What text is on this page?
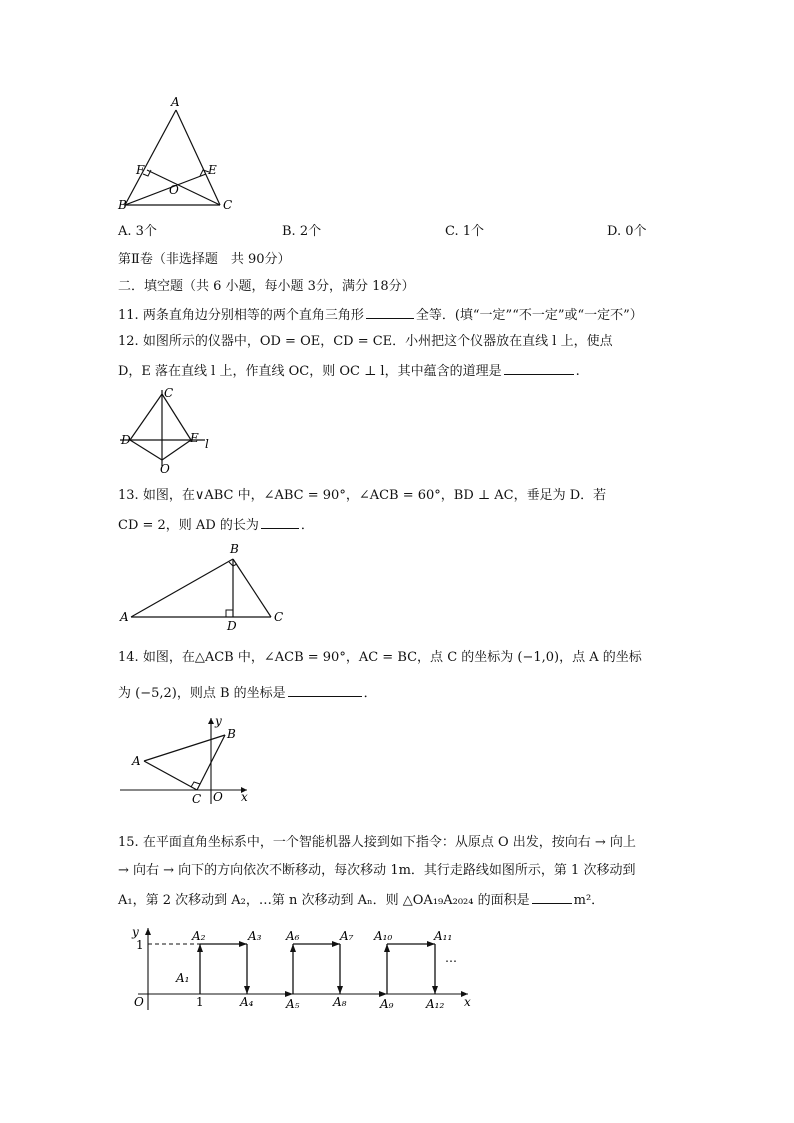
A
B	C
E
F
O
A. 3个	B. 2个	C. 1个	D. 0个
第Ⅱ卷（非选择题　共 90分）
二．填空题（共 6 小题，每小题 3分，满分 18分）
11. 两条直角边分别相等的两个直角三角形	全等．(填“一定”“不一定”或“一定不”）
12. 如图所示的仪器中，OD = OE，CD = CE．小州把这个仪器放在直线 l 上，使点
D，E 落在直线 l 上，作直线 OC，则 OC ⊥ l，其中蕴含的道理是	.
C
D	E l
O
13. 如图，在∨ABC 中，∠ABC = 90°，∠ACB = 60°，BD ⊥ AC，垂足为 D．若
CD = 2，则 AD 的长为	．
A
B
C
D
14. 如图，在△ACB 中，∠ACB = 90°，AC = BC，点 C 的坐标为 (−1,0)，点 A 的坐标
为 (−5,2)，则点 B 的坐标是	．
A
B
C O x
y
15. 在平面直角坐标系中，一个智能机器人接到如下指令：从原点 O 出发，按向右 → 向上
→ 向右 → 向下的方向依次不断移动，每次移动 1m．其行走路线如图所示，第 1 次移动到
A₁，第 2 次移动到 A₂，…第 n 次移动到 Aₙ．则 △OA₁₉A₂₀₂₄ 的面积是	m²．
y
1
O	1	x
A₁
A₂	A₃
A₄	A₅
A₆	A₇
A₈	A₉
A₁₀	A₁₁
…
A₁₂
